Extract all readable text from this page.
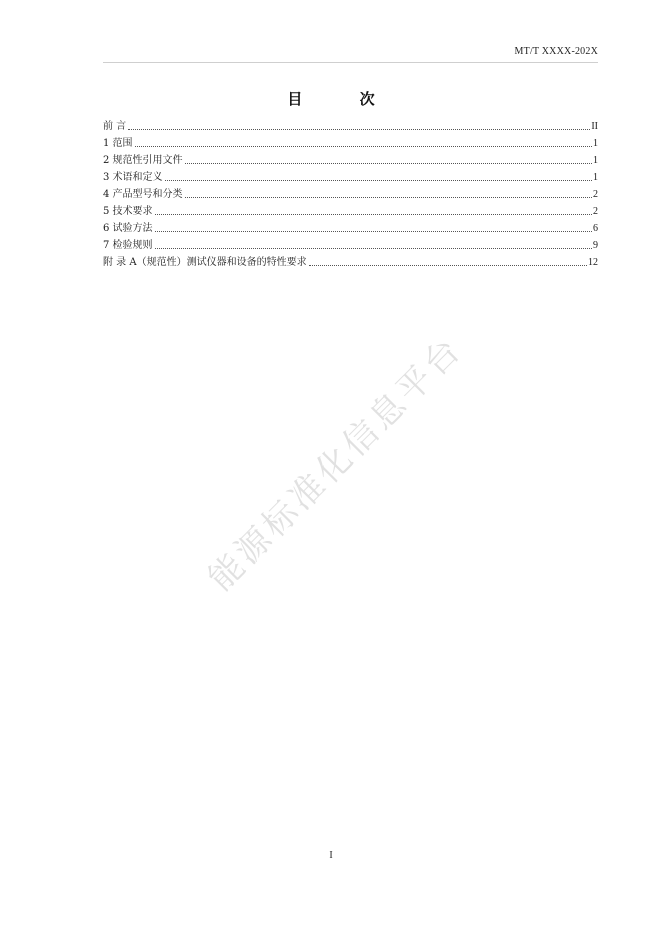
MT/T XXXX-202X
目 次
前 言	II
1 范围	1
2 规范性引用文件	1
3 术语和定义	1
4 产品型号和分类	2
5 技术要求	2
6 试验方法	6
7 检验规则	9
附 录 A（规范性）测试仪器和设备的特性要求	12
能源标准化信息平台
I
